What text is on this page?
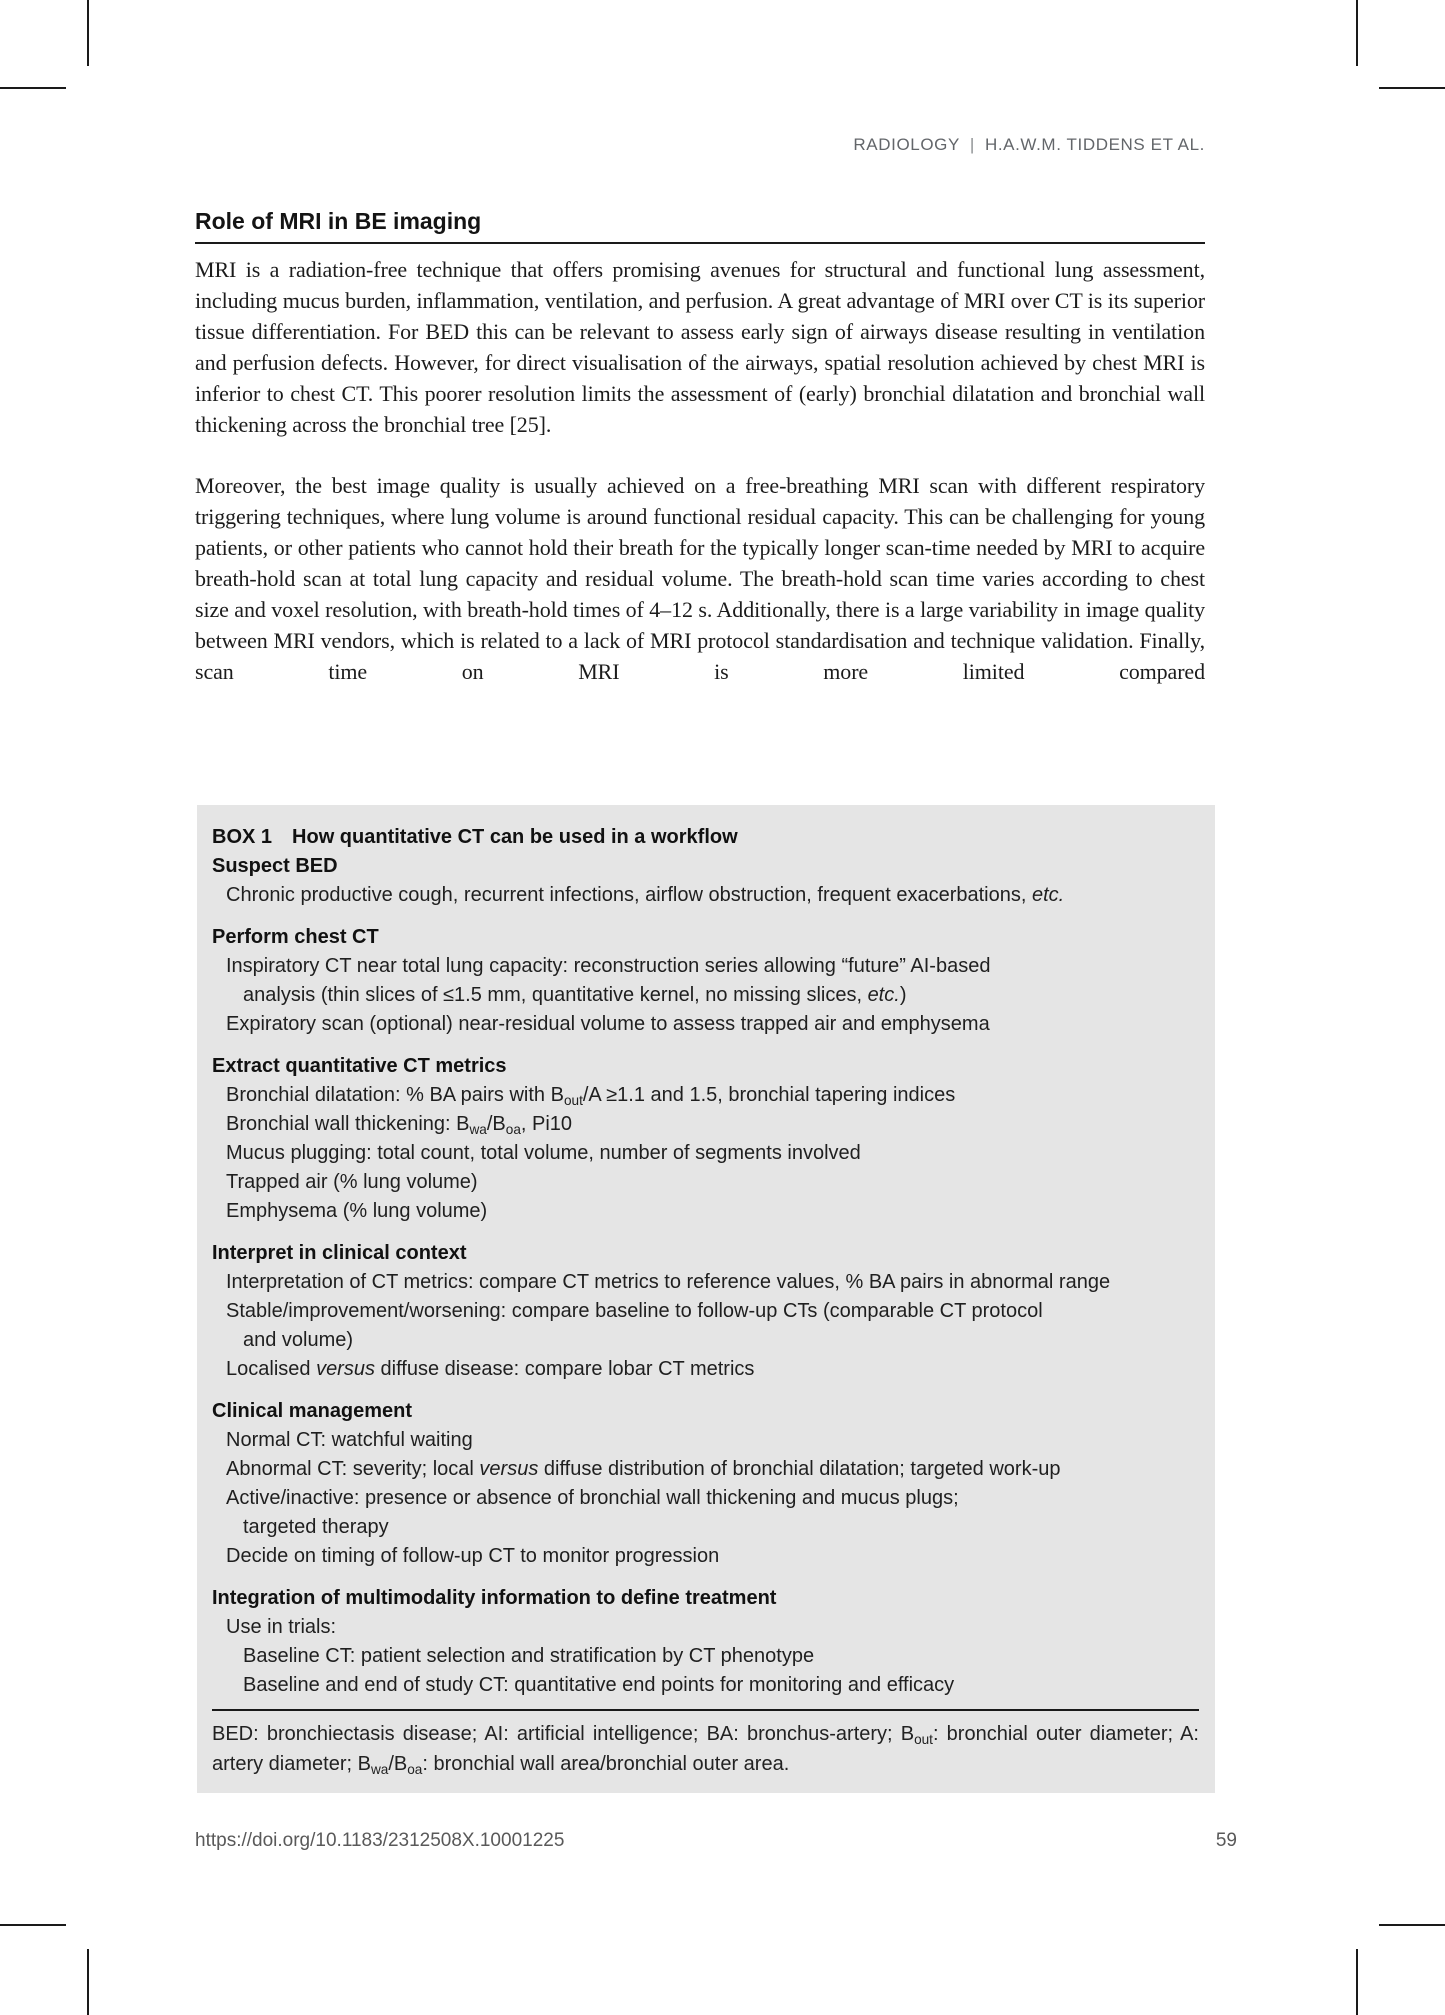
RADIOLOGY | H.A.W.M. TIDDENS ET AL.
Role of MRI in BE imaging

MRI is a radiation-free technique that offers promising avenues for structural and functional lung assessment, including mucus burden, inflammation, ventilation, and perfusion. A great advantage of MRI over CT is its superior tissue differentiation. For BED this can be relevant to assess early sign of airways disease resulting in ventilation and perfusion defects. However, for direct visualisation of the airways, spatial resolution achieved by chest MRI is inferior to chest CT. This poorer resolution limits the assessment of (early) bronchial dilatation and bronchial wall thickening across the bronchial tree [25].

Moreover, the best image quality is usually achieved on a free-breathing MRI scan with different respiratory triggering techniques, where lung volume is around functional residual capacity. This can be challenging for young patients, or other patients who cannot hold their breath for the typically longer scan-time needed by MRI to acquire breath-hold scan at total lung capacity and residual volume. The breath-hold scan time varies according to chest size and voxel resolution, with breath-hold times of 4–12 s. Additionally, there is a large variability in image quality between MRI vendors, which is related to a lack of MRI protocol standardisation and technique validation. Finally, scan time on MRI is more limited compared

BOX 1 How quantitative CT can be used in a workflow
Suspect BED
Chronic productive cough, recurrent infections, airflow obstruction, frequent exacerbations, etc.
Perform chest CT
Inspiratory CT near total lung capacity: reconstruction series allowing “future” AI-based
analysis (thin slices of ≤1.5 mm, quantitative kernel, no missing slices, etc.)
Expiratory scan (optional) near-residual volume to assess trapped air and emphysema
Extract quantitative CT metrics
Bronchial dilatation: % BA pairs with $B_{out}/A \ge 1.1$ and 1.5, bronchial tapering indices
Bronchial wall thickening: $B_{wa}/B_{oa}$, Pi10
Mucus plugging: total count, total volume, number of segments involved
Trapped air (% lung volume)
Emphysema (% lung volume)
Interpret in clinical context
Interpretation of CT metrics: compare CT metrics to reference values, % BA pairs in abnormal range
Stable/improvement/worsening: compare baseline to follow-up CTs (comparable CT protocol
and volume)
Localised versus diffuse disease: compare lobar CT metrics
Clinical management
Normal CT: watchful waiting
Abnormal CT: severity; local versus diffuse distribution of bronchial dilatation; targeted work-up
Active/inactive: presence or absence of bronchial wall thickening and mucus plugs;
targeted therapy
Decide on timing of follow-up CT to monitor progression
Integration of multimodality information to define treatment
Use in trials:
Baseline CT: patient selection and stratification by CT phenotype
Baseline and end of study CT: quantitative end points for monitoring and efficacy
BED: bronchiectasis disease; AI: artificial intelligence; BA: bronchus-artery; $B_{out}$: bronchial outer diameter; A: artery diameter; $B_{wa}/B_{oa}$: bronchial wall area/bronchial outer area.
https://doi.org/10.1183/2312508X.10001225	59
